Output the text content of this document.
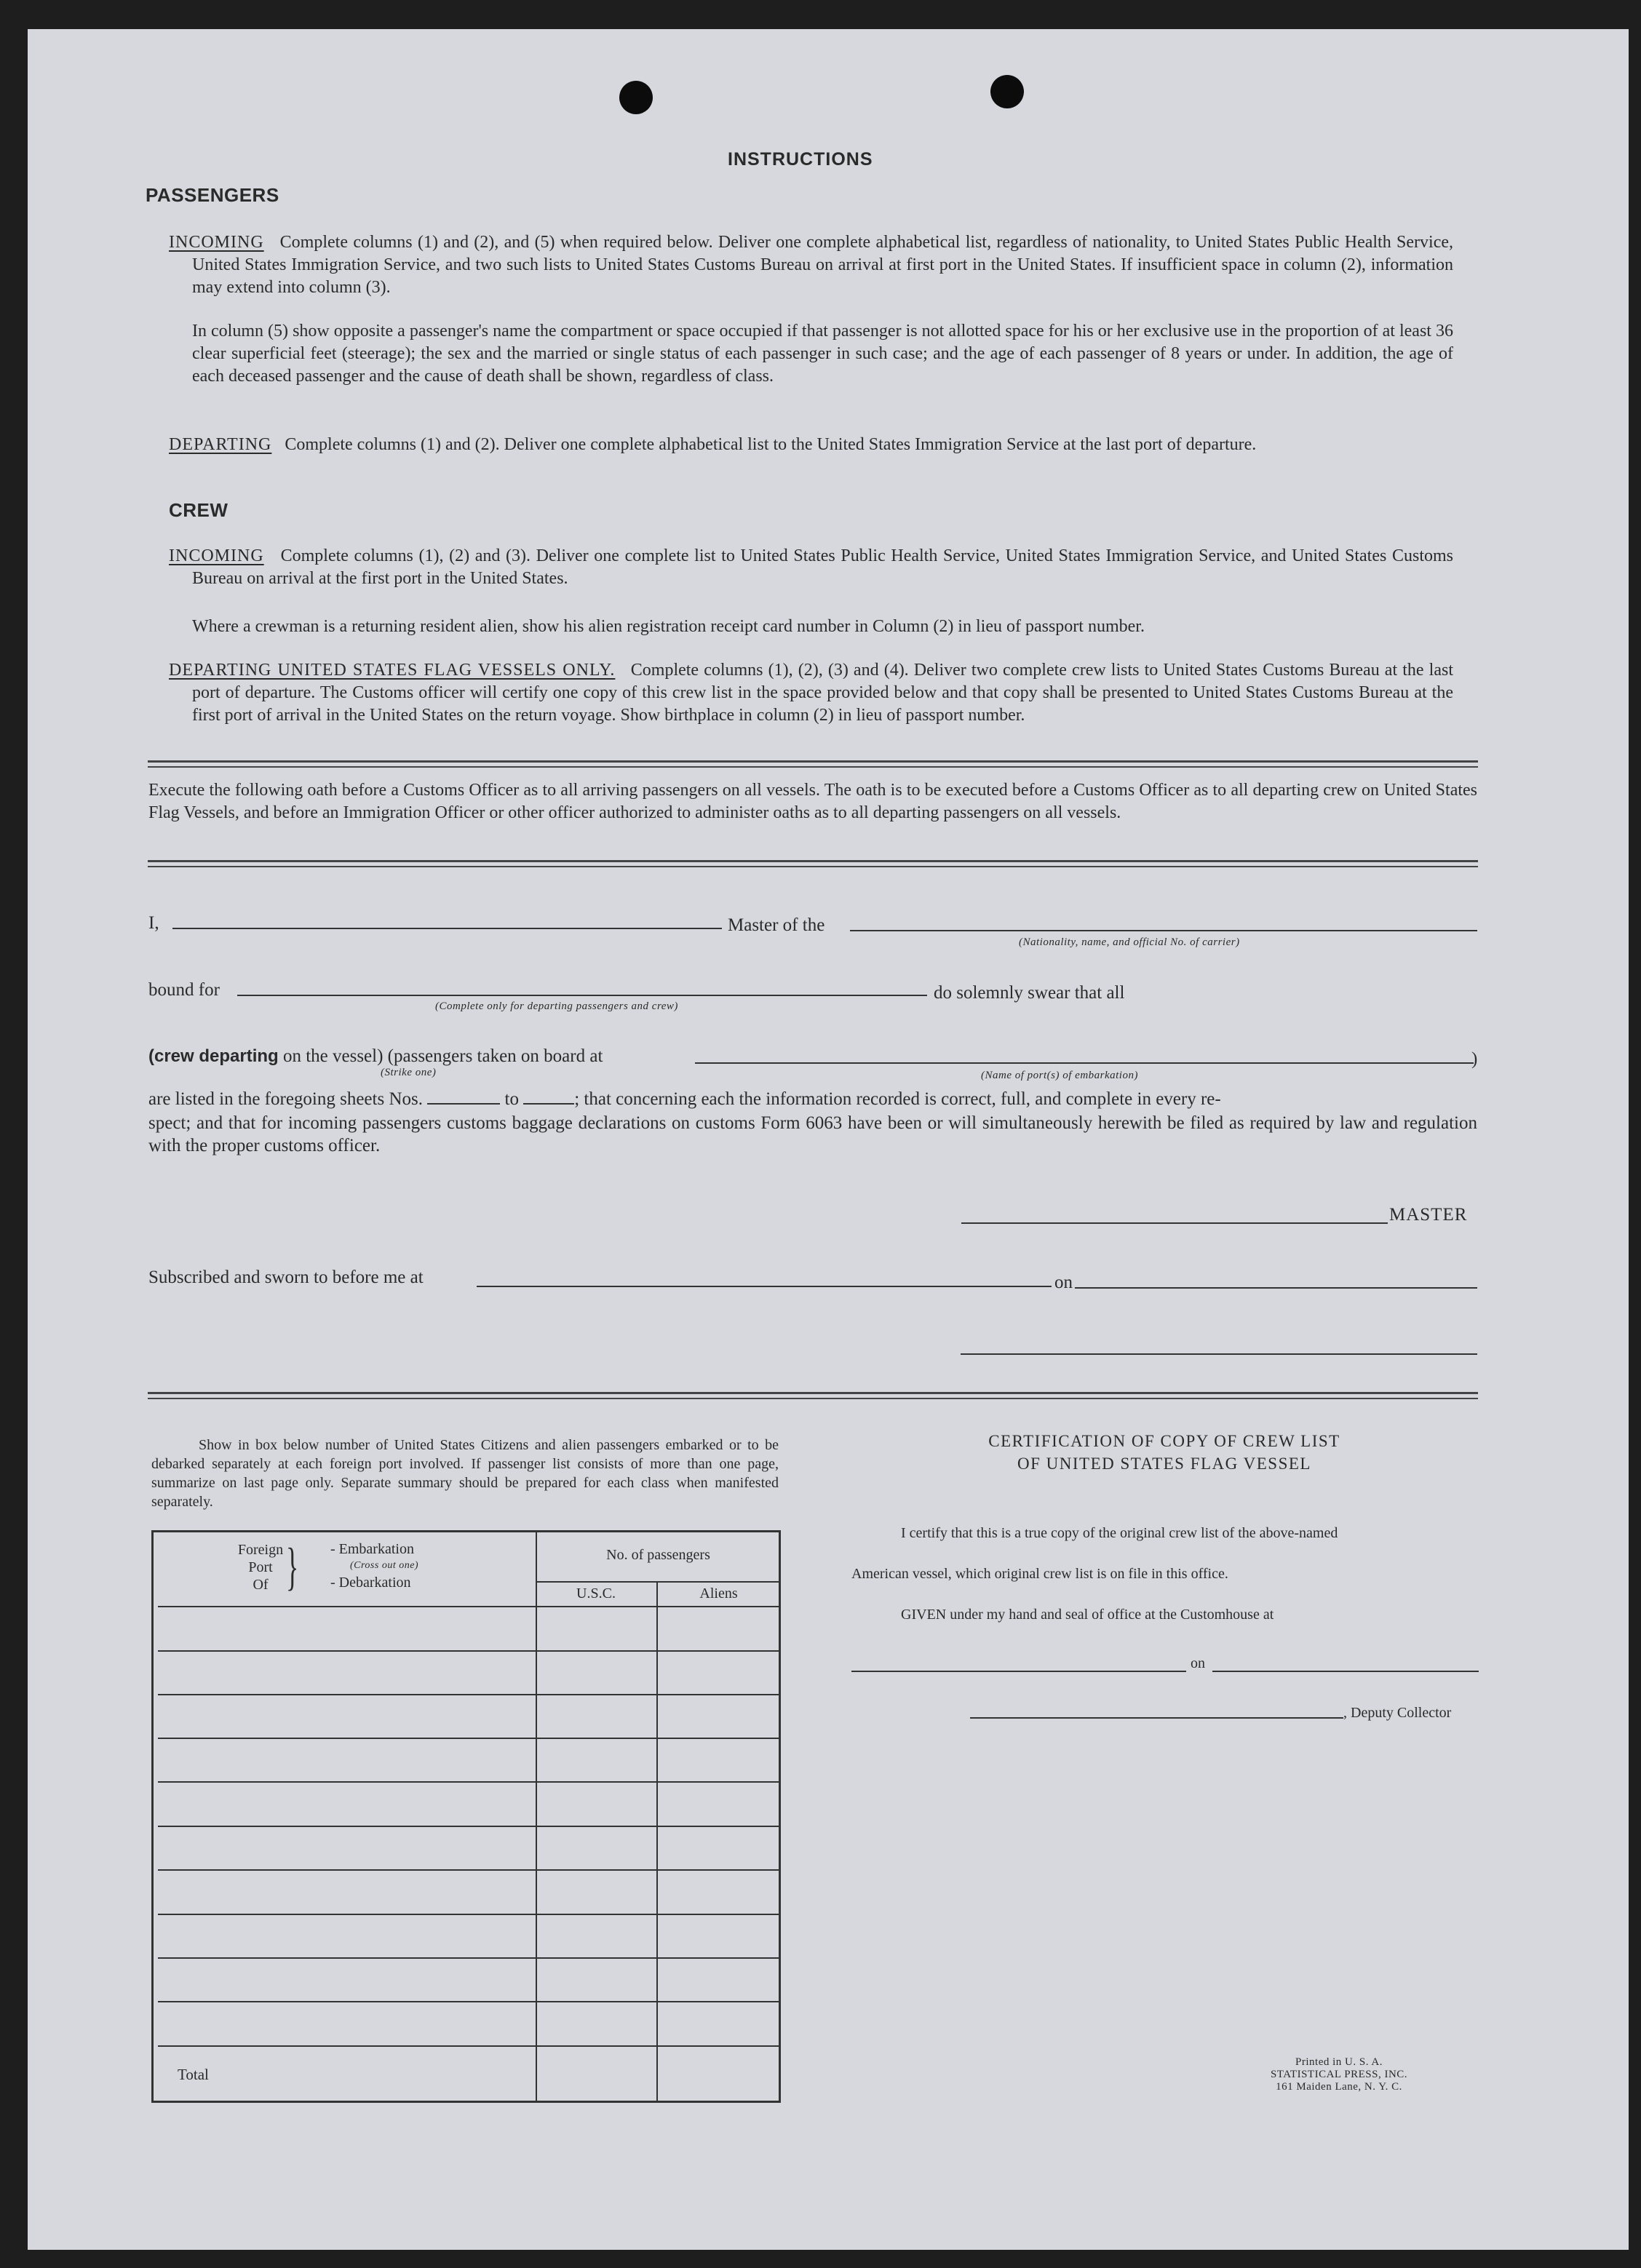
INSTRUCTIONS
PASSENGERS
INCOMING Complete columns (1) and (2), and (5) when required below. Deliver one complete alphabetical list, regardless of nationality, to United States Public Health Service, United States Immigration Service, and two such lists to United States Customs Bureau on arrival at first port in the United States. If insufficient space in column (2), information may extend into column (3).
In column (5) show opposite a passenger's name the compartment or space occupied if that passenger is not allotted space for his or her exclusive use in the proportion of at least 36 clear superficial feet (steerage); the sex and the married or single status of each passenger in such case; and the age of each passenger of 8 years or under. In addition, the age of each deceased passenger and the cause of death shall be shown, regardless of class.
DEPARTING Complete columns (1) and (2). Deliver one complete alphabetical list to the United States Immigration Service at the last port of departure.
CREW
INCOMING Complete columns (1), (2) and (3). Deliver one complete list to United States Public Health Service, United States Immigration Service, and United States Customs Bureau on arrival at the first port in the United States.
Where a crewman is a returning resident alien, show his alien registration receipt card number in Column (2) in lieu of passport number.
DEPARTING UNITED STATES FLAG VESSELS ONLY. Complete columns (1), (2), (3) and (4). Deliver two complete crew lists to United States Customs Bureau at the last port of departure. The Customs officer will certify one copy of this crew list in the space provided below and that copy shall be presented to United States Customs Bureau at the first port of arrival in the United States on the return voyage. Show birthplace in column (2) in lieu of passport number.
Execute the following oath before a Customs Officer as to all arriving passengers on all vessels. The oath is to be executed before a Customs Officer as to all departing crew on United States Flag Vessels, and before an Immigration Officer or other officer authorized to administer oaths as to all departing passengers on all vessels.
I,	Master of the
(Nationality, name, and official No. of carrier)
bound for
(Complete only for departing passengers and crew)
do solemnly swear that all
(crew departing on the vessel) (passengers taken on board at
(Strike one)	(Name of port(s) of embarkation)
)
are listed in the foregoing sheets Nos.	to	; that concerning each the information recorded is correct, full, and complete in every re-
spect; and that for incoming passengers customs baggage declarations on customs Form 6063 have been or will simultaneously herewith be filed as required by law and regulation with the proper customs officer.
MASTER
Subscribed and sworn to before me at	on
Show in box below number of United States Citizens and alien passengers embarked or to be debarked separately at each foreign port involved. If passenger list consists of more than one page, summarize on last page only. Separate summary should be prepared for each class when manifested separately.
Foreign
Port
Of } - Embarkation
(Cross out one)
- Debarkation
No. of passengers
U.S.C.	Aliens
Total
CERTIFICATION OF COPY OF CREW LIST
OF UNITED STATES FLAG VESSEL
I certify that this is a true copy of the original crew list of the above-named
American vessel, which original crew list is on file in this office.
GIVEN under my hand and seal of office at the Customhouse at
on
, Deputy Collector
Printed in U. S. A.
STATISTICAL PRESS, INC.
161 Maiden Lane, N. Y. C.
